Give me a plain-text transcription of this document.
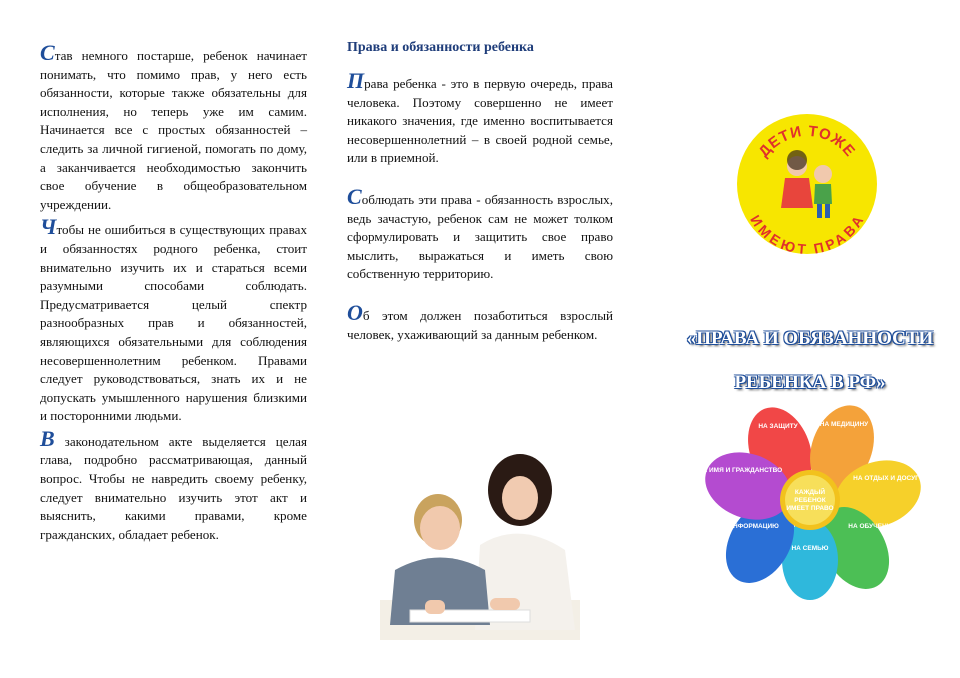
Став немного постарше, ребенок начинает понимать, что помимо прав, у него есть обязанности, которые также обязательны для исполнения, но теперь уже им самим. Начинается все с простых обязанностей – следить за личной гигиеной, помогать по дому, а заканчивается необходимостью закончить свое обучение в общеобразовательном учреждении.

Чтобы не ошибиться в существующих правах и обязанностях родного ребенка, стоит внимательно изучить их и стараться всеми разумными способами соблюдать. Предусматривается целый спектр разнообразных прав и обязанностей, являющихся обязательными для соблюдения несовершеннолетним ребенком. Правами следует руководствоваться, знать их и не допускать умышленного нарушения близкими и посторонними людьми.

В законодательном акте выделяется целая глава, подробно рассматривающая, данный вопрос. Чтобы не навредить своему ребенку, следует внимательно изучить этот акт и выяснить, какими правами, кроме гражданских, обладает ребенок.

Права и обязанности ребенка

Права ребенка - это в первую очередь, права человека. Поэтому совершенно не имеет никакого значения, где именно воспитывается несовершеннолетний – в своей родной семье, или в приемной.

Соблюдать эти права - обязанность взрослых, ведь зачастую, ребенок сам не может толком сформулировать и защитить свое право мыслить, выражаться и иметь свою собственную территорию.

Об этом должен позаботиться взрослый человек, ухаживающий за данным ребенком.

ДЕТИ ТОЖЕ
ИМЕЮТ ПРАВА
«ПРАВА И ОБЯЗАННОСТИ
РЕБЕНКА В РФ»
КАЖДЫЙ
РЕБЕНОК
ИМЕЕТ ПРАВО
НА ЗАЩИТУ	НА МЕДИЦИНУ
НА ОТДЫХ И ДОСУГ
НА ОБУЧЕНИЕ
НА СЕМЬЮ
НА ИНФОРМАЦИЮ
НА ИМЯ И ГРАЖДАНСТВО
